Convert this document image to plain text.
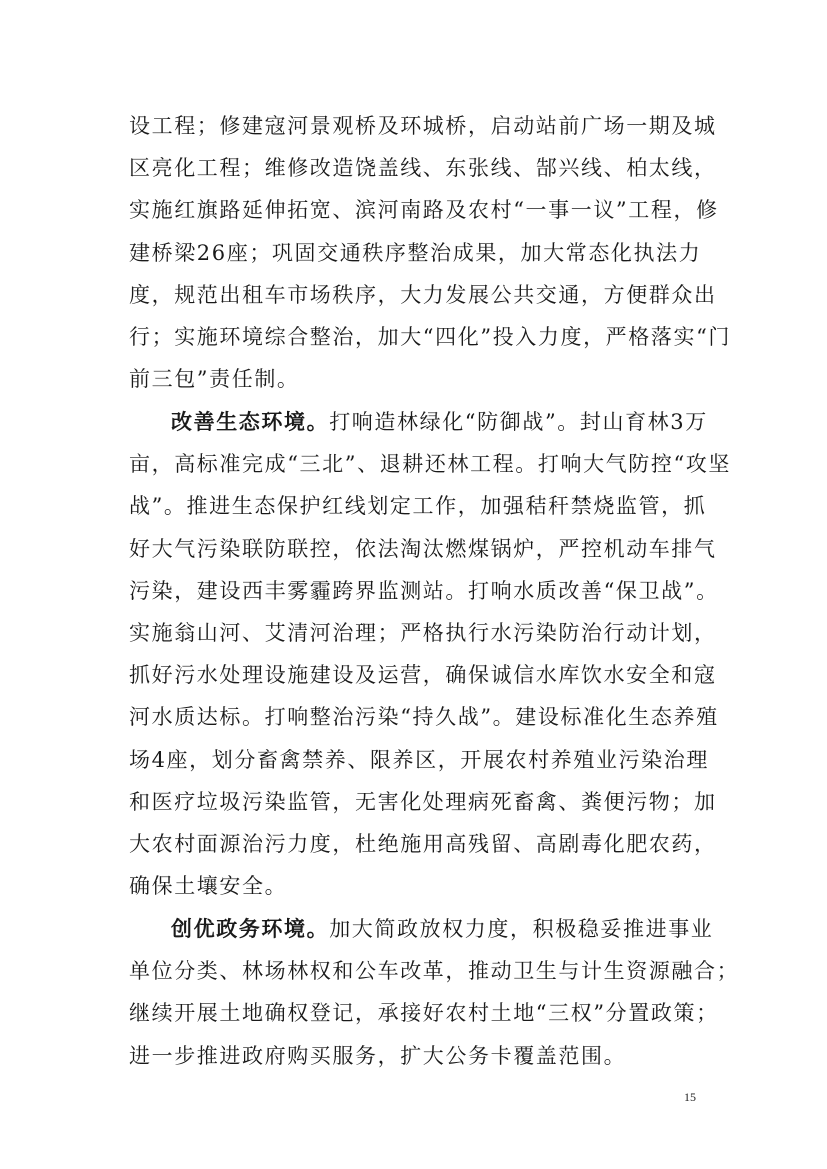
设工程；修建寇河景观桥及环城桥，启动站前广场一期及城
区亮化工程；维修改造饶盖线、东张线、郜兴线、柏太线，
实施红旗路延伸拓宽、滨河南路及农村“一事一议”工程，修
建桥梁26座；巩固交通秩序整治成果，加大常态化执法力
度，规范出租车市场秩序，大力发展公共交通，方便群众出
行；实施环境综合整治，加大“四化”投入力度，严格落实“门
前三包”责任制。
改善生态环境。打响造林绿化“防御战”。封山育林3万
亩，高标准完成“三北”、退耕还林工程。打响大气防控“攻坚
战”。推进生态保护红线划定工作，加强秸秆禁烧监管，抓
好大气污染联防联控，依法淘汰燃煤锅炉，严控机动车排气
污染，建设西丰雾霾跨界监测站。打响水质改善“保卫战”。
实施翁山河、艾清河治理；严格执行水污染防治行动计划，
抓好污水处理设施建设及运营，确保诚信水库饮水安全和寇
河水质达标。打响整治污染“持久战”。建设标准化生态养殖
场4座，划分畜禽禁养、限养区，开展农村养殖业污染治理
和医疗垃圾污染监管，无害化处理病死畜禽、粪便污物；加
大农村面源治污力度，杜绝施用高残留、高剧毒化肥农药，
确保土壤安全。
创优政务环境。加大简政放权力度，积极稳妥推进事业
单位分类、林场林权和公车改革，推动卫生与计生资源融合；
继续开展土地确权登记，承接好农村土地“三权”分置政策；
进一步推进政府购买服务，扩大公务卡覆盖范围。
15
